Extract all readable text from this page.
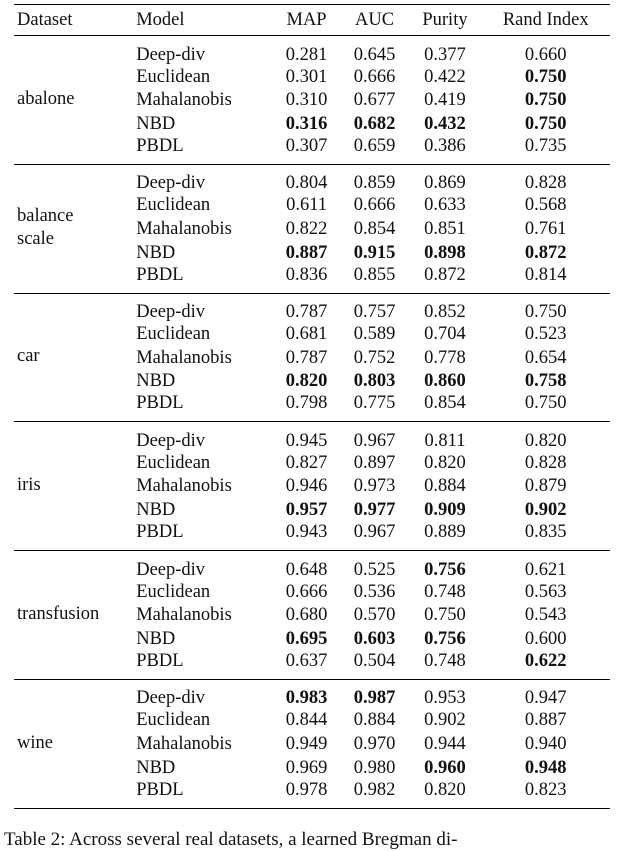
Dataset	Model	MAP	AUC	Purity	Rand Index
abalone	Deep-div	0.281	0.645	0.377	0.660
	Euclidean	0.301	0.666	0.422	0.750
	Mahalanobis	0.310	0.677	0.419	0.750
	NBD	0.316	0.682	0.432	0.750
	PBDL	0.307	0.659	0.386	0.735
balance scale	Deep-div	0.804	0.859	0.869	0.828
	Euclidean	0.611	0.666	0.633	0.568
	Mahalanobis	0.822	0.854	0.851	0.761
	NBD	0.887	0.915	0.898	0.872
	PBDL	0.836	0.855	0.872	0.814
car	Deep-div	0.787	0.757	0.852	0.750
	Euclidean	0.681	0.589	0.704	0.523
	Mahalanobis	0.787	0.752	0.778	0.654
	NBD	0.820	0.803	0.860	0.758
	PBDL	0.798	0.775	0.854	0.750
iris	Deep-div	0.945	0.967	0.811	0.820
	Euclidean	0.827	0.897	0.820	0.828
	Mahalanobis	0.946	0.973	0.884	0.879
	NBD	0.957	0.977	0.909	0.902
	PBDL	0.943	0.967	0.889	0.835
transfusion	Deep-div	0.648	0.525	0.756	0.621
	Euclidean	0.666	0.536	0.748	0.563
	Mahalanobis	0.680	0.570	0.750	0.543
	NBD	0.695	0.603	0.756	0.600
	PBDL	0.637	0.504	0.748	0.622
wine	Deep-div	0.983	0.987	0.953	0.947
	Euclidean	0.844	0.884	0.902	0.887
	Mahalanobis	0.949	0.970	0.944	0.940
	NBD	0.969	0.980	0.960	0.948
	PBDL	0.978	0.982	0.820	0.823
Table 2: Across several real datasets, a learned Bregman di-
